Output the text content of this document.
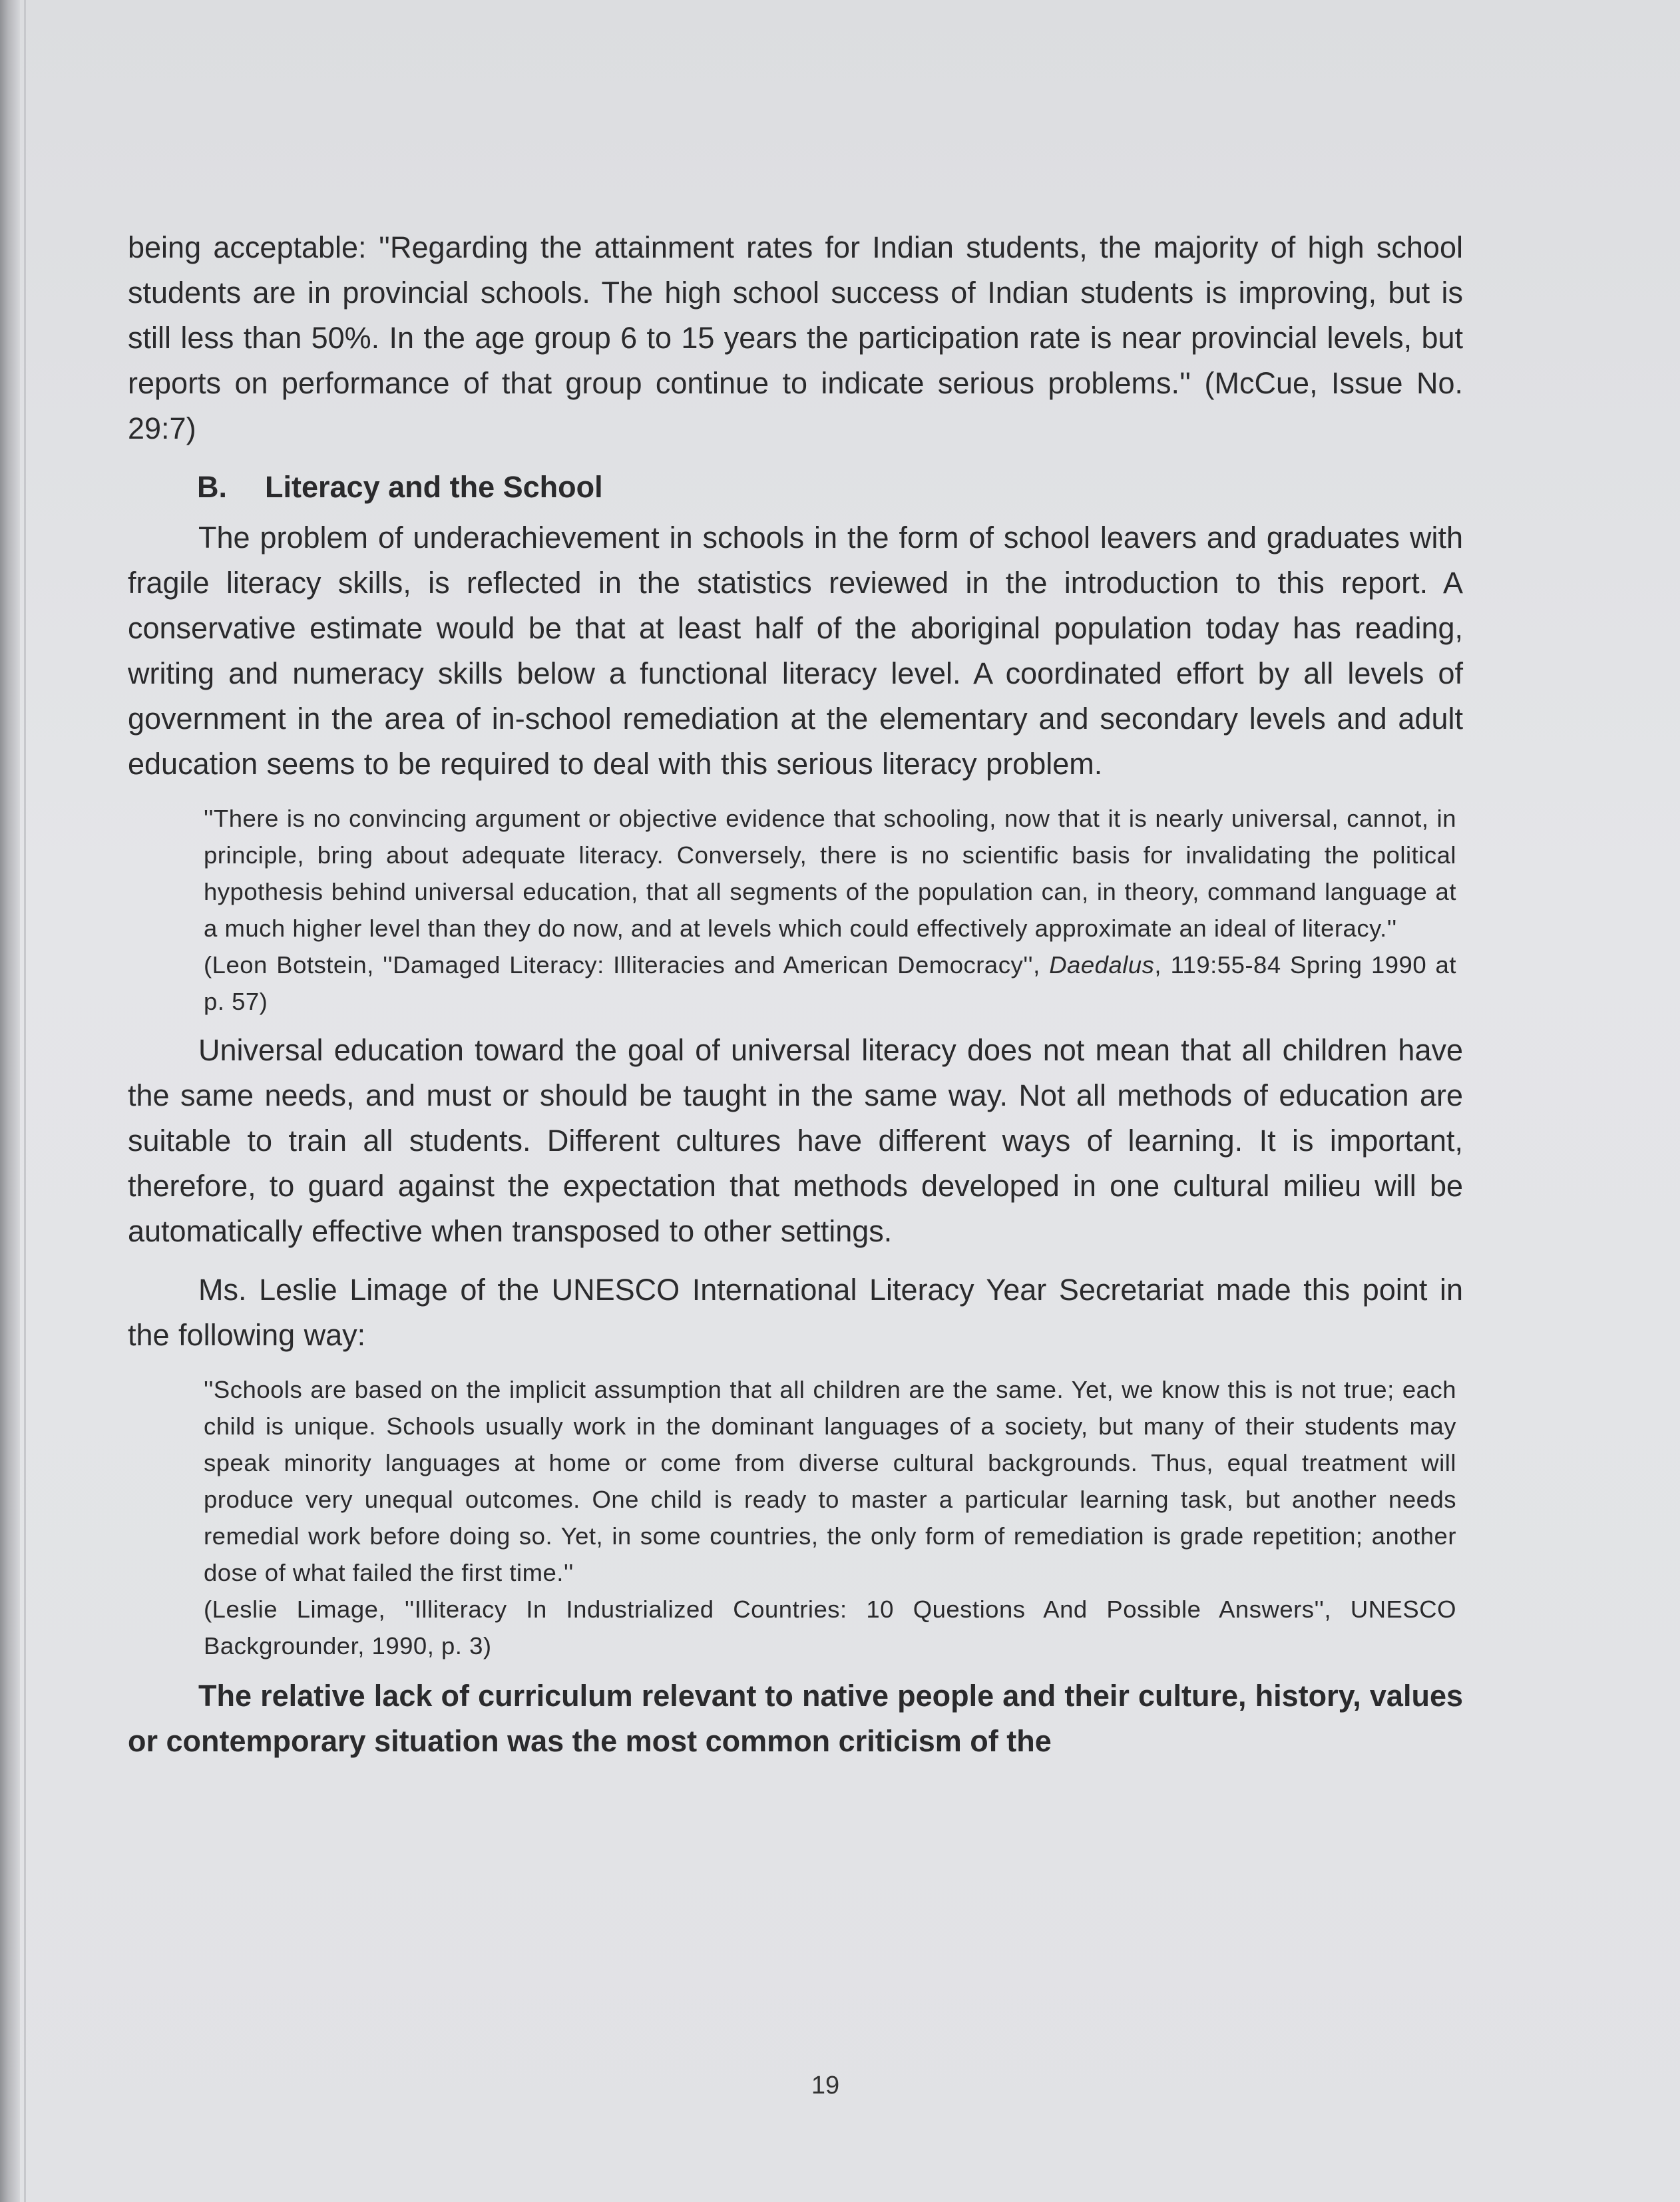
being acceptable: ''Regarding the attainment rates for Indian students, the majority of high school students are in provincial schools. The high school success of Indian students is improving, but is still less than 50%. In the age group 6 to 15 years the participation rate is near provincial levels, but reports on performance of that group continue to indicate serious problems.'' (McCue, Issue No. 29:7)

B. Literacy and the School

The problem of underachievement in schools in the form of school leavers and graduates with fragile literacy skills, is reflected in the statistics reviewed in the introduction to this report. A conservative estimate would be that at least half of the aboriginal population today has reading, writing and numeracy skills below a functional literacy level. A coordinated effort by all levels of government in the area of in-school remediation at the elementary and secondary levels and adult education seems to be required to deal with this serious literacy problem.

''There is no convincing argument or objective evidence that schooling, now that it is nearly universal, cannot, in principle, bring about adequate literacy. Conversely, there is no scientific basis for invalidating the political hypothesis behind universal education, that all segments of the population can, in theory, command language at a much higher level than they do now, and at levels which could effectively approximate an ideal of literacy.''

(Leon Botstein, ''Damaged Literacy: Illiteracies and American Democracy'', Daedalus, 119:55-84 Spring 1990 at p. 57)

Universal education toward the goal of universal literacy does not mean that all children have the same needs, and must or should be taught in the same way. Not all methods of education are suitable to train all students. Different cultures have different ways of learning. It is important, therefore, to guard against the expectation that methods developed in one cultural milieu will be automatically effective when transposed to other settings.

Ms. Leslie Limage of the UNESCO International Literacy Year Secretariat made this point in the following way:

''Schools are based on the implicit assumption that all children are the same. Yet, we know this is not true; each child is unique. Schools usually work in the dominant languages of a society, but many of their students may speak minority languages at home or come from diverse cultural backgrounds. Thus, equal treatment will produce very unequal outcomes. One child is ready to master a particular learning task, but another needs remedial work before doing so. Yet, in some countries, the only form of remediation is grade repetition; another dose of what failed the first time.''

(Leslie Limage, ''Illiteracy In Industrialized Countries: 10 Questions And Possible Answers'', UNESCO Backgrounder, 1990, p. 3)

The relative lack of curriculum relevant to native people and their culture, history, values or contemporary situation was the most common criticism of the

19
